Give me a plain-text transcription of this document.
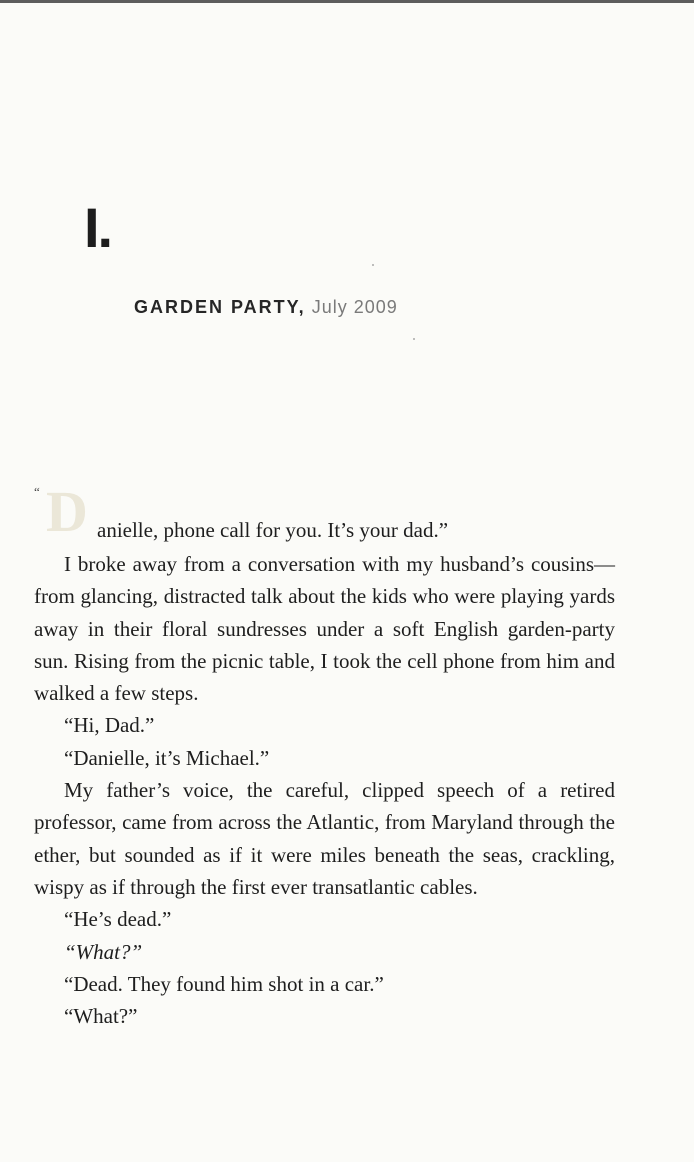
I.
GARDEN PARTY, July 2009
“ D anielle, phone call for you. It’s your dad.”

I broke away from a conversation with my husband’s cousins—from glancing, distracted talk about the kids who were playing yards away in their floral sundresses under a soft English garden-party sun. Rising from the picnic table, I took the cell phone from him and walked a few steps.

“Hi, Dad.”

“Danielle, it’s Michael.”

My father’s voice, the careful, clipped speech of a retired professor, came from across the Atlantic, from Maryland through the ether, but sounded as if it were miles beneath the seas, crackling, wispy as if through the first ever transatlantic cables.

“He’s dead.”

“What?”

“Dead. They found him shot in a car.”

“What?”
